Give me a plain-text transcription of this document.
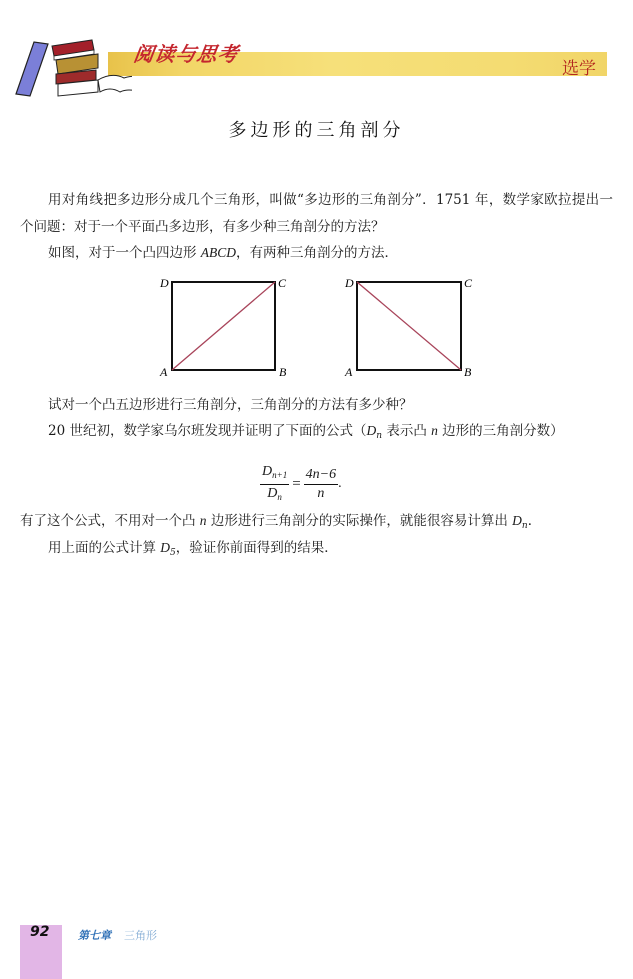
阅读与思考
选学
多边形的三角剖分
用对角线把多边形分成几个三角形，叫做“多边形的三角剖分”．1751 年，数学家欧拉提出一个问题：对于一个平面凸多边形，有多少种三角剖分的方法？
如图，对于一个凸四边形 ABCD，有两种三角剖分的方法．
D	C
A	B
D	C
A	B
试对一个凸五边形进行三角剖分，三角剖分的方法有多少种？
20 世纪初，数学家乌尔班发现并证明了下面的公式（$D_n$ 表示凸 n 边形的三角剖分数）
$\frac{D_{n+1}}{D_n} = \frac{4n-6}{n}$ .
有了这个公式，不用对一个凸 n 边形进行三角剖分的实际操作，就能很容易计算出 $D_n$．
用上面的公式计算 $D_5$，验证你前面得到的结果．
92	第七章 三角形
